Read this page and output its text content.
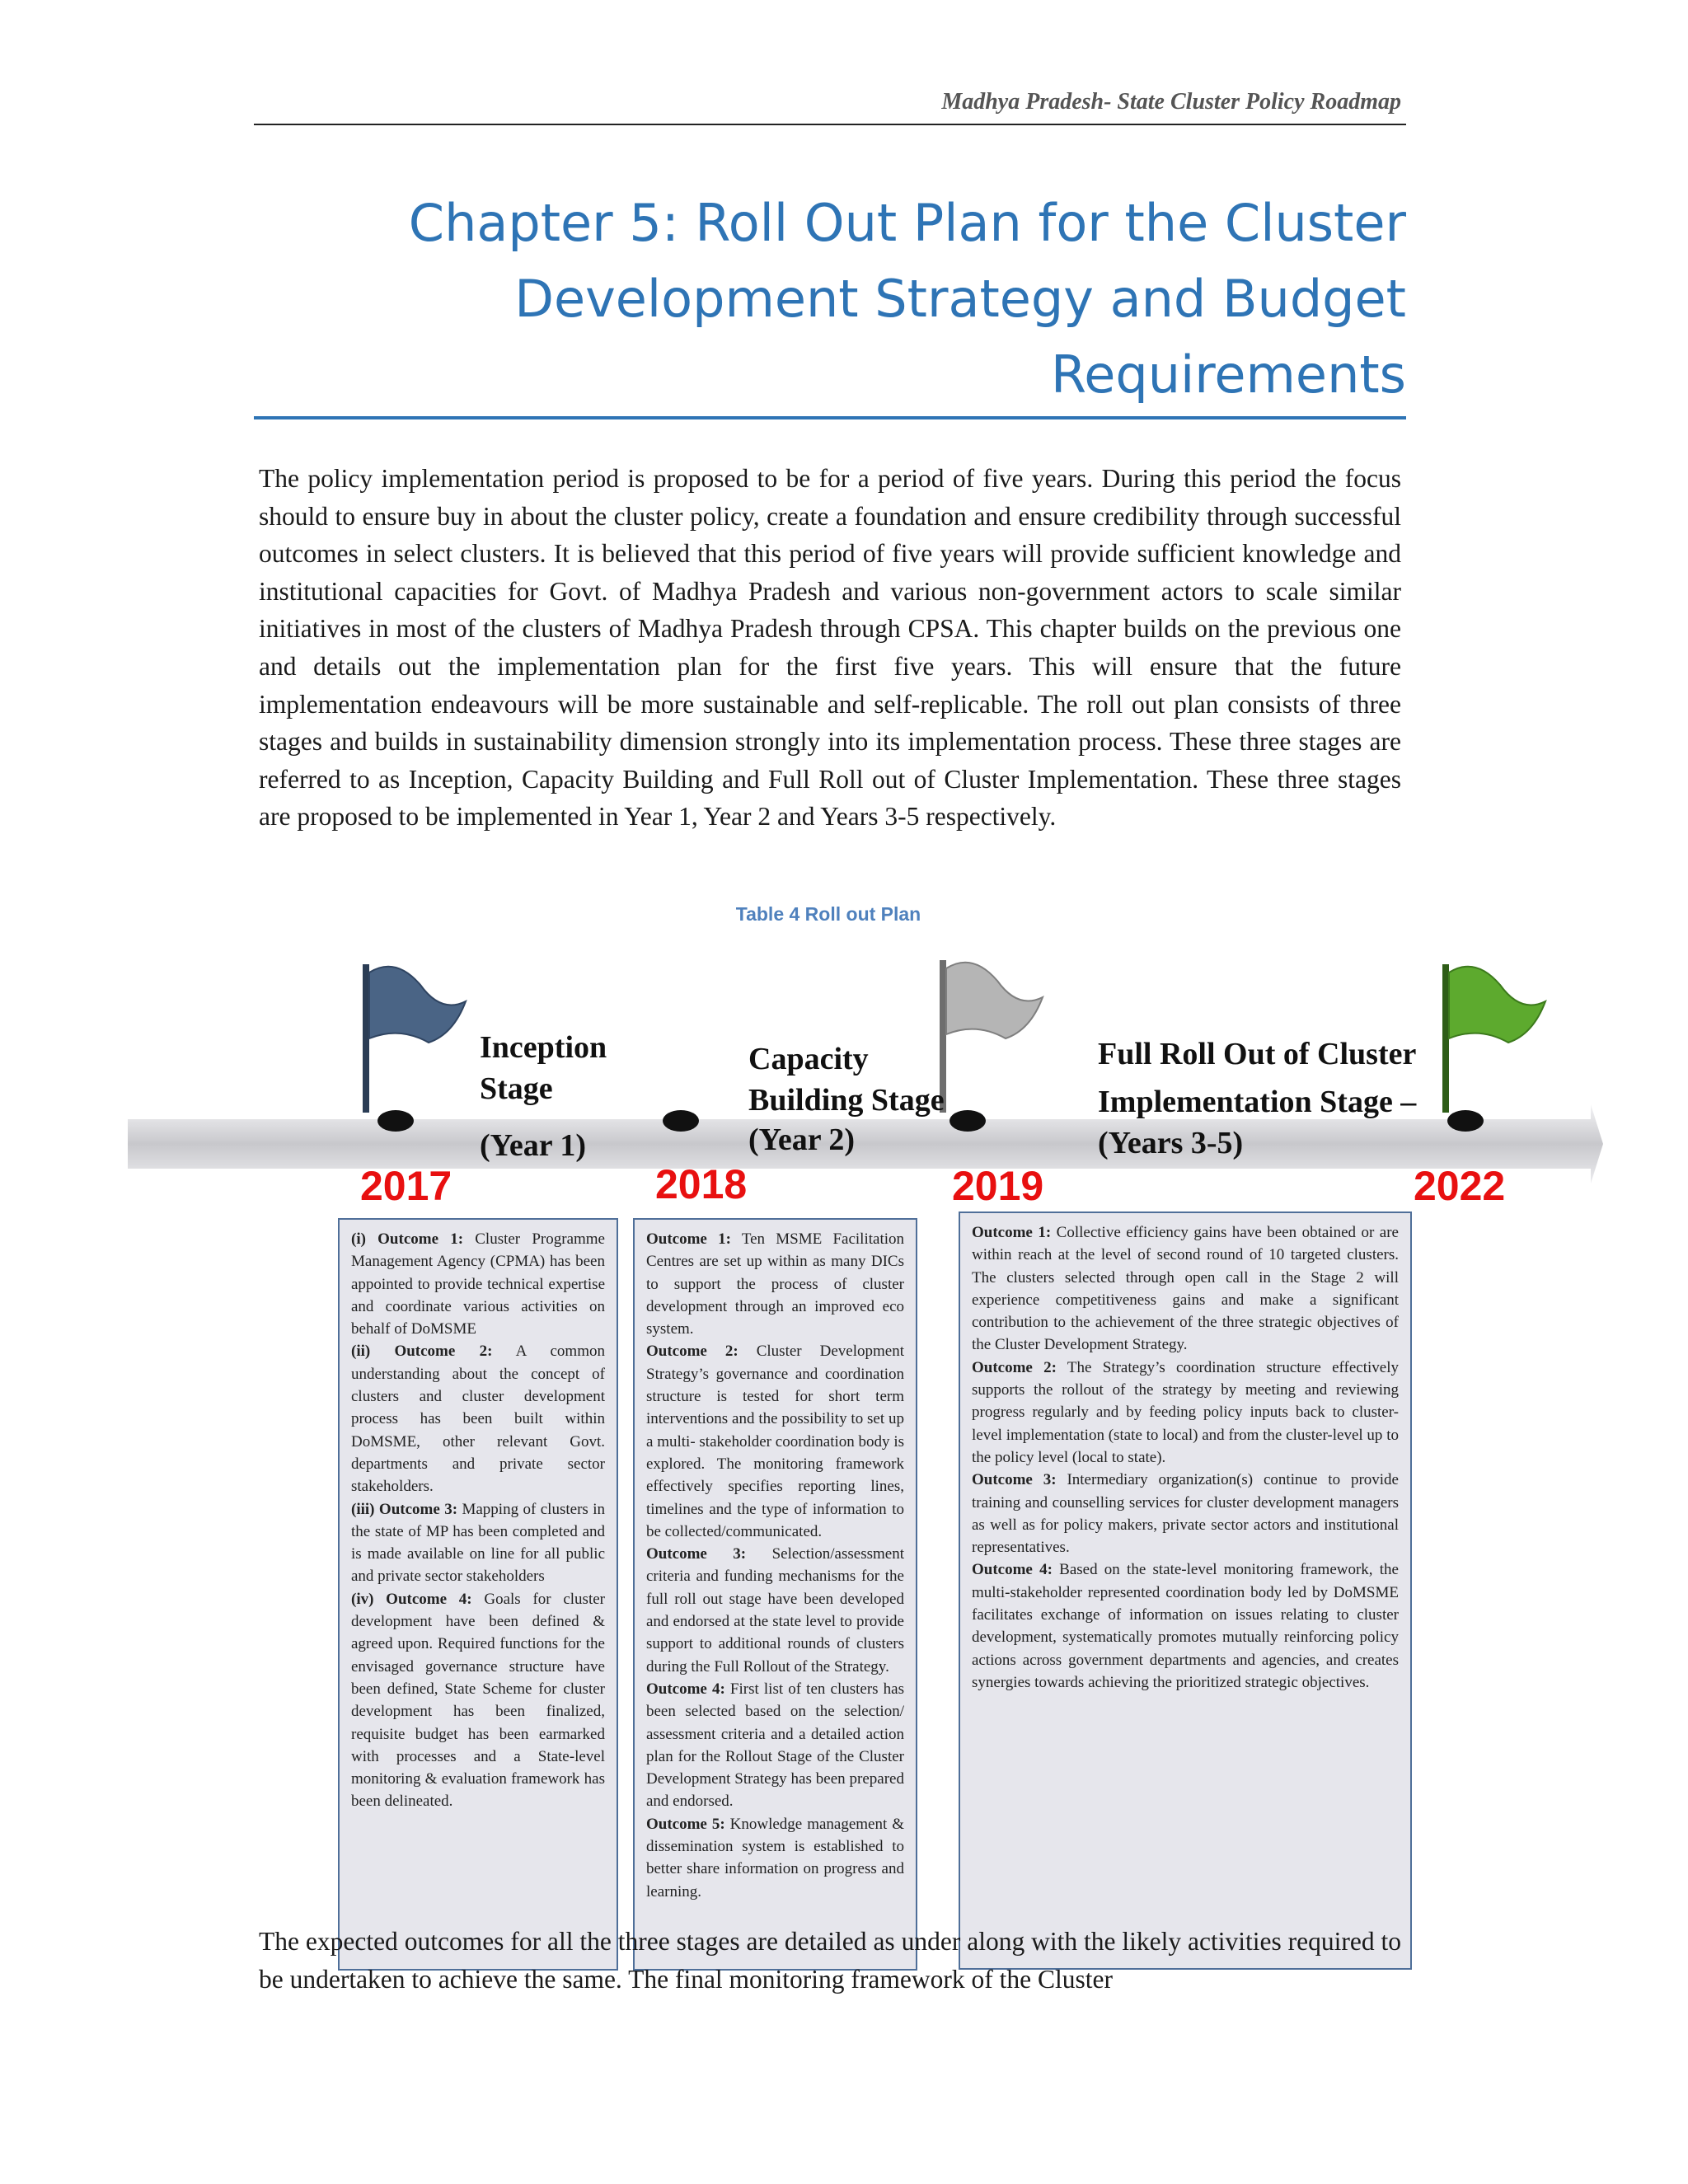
Madhya Pradesh- State Cluster Policy Roadmap
Chapter 5: Roll Out Plan for the Cluster
Development Strategy and Budget
Requirements

The policy implementation period is proposed to be for a period of five years. During this period the focus should to ensure buy in about the cluster policy, create a foundation and ensure credibility through successful outcomes in select clusters. It is believed that this period of five years will provide sufficient knowledge and institutional capacities for Govt. of Madhya Pradesh and various non-government actors to scale similar initiatives in most of the clusters of Madhya Pradesh through CPSA. This chapter builds on the previous one and details out the implementation plan for the first five years. This will ensure that the future implementation endeavours will be more sustainable and self-replicable. The roll out plan consists of three stages and builds in sustainability dimension strongly into its implementation process. These three stages are referred to as Inception, Capacity Building and Full Roll out of Cluster Implementation. These three stages are proposed to be implemented in Year 1, Year 2 and Years 3-5 respectively.

Table 4 Roll out Plan
Inception
Stage
(Year 1)
Capacity
Building Stage
(Year 2)
Full Roll Out of Cluster
Implementation Stage –
(Years 3-5)
2017	2018	2019	2022

(i) Outcome 1: Cluster Programme Management Agency (CPMA) has been appointed to provide technical expertise and coordinate various activities on behalf of DoMSME

(ii) Outcome 2: A common understanding about the concept of clusters and cluster development process has been built within DoMSME, other relevant Govt. departments and private sector stakeholders.

(iii) Outcome 3: Mapping of clusters in the state of MP has been completed and is made available on line for all public and private sector stakeholders

(iv) Outcome 4: Goals for cluster development have been defined & agreed upon. Required functions for the envisaged governance structure have been defined, State Scheme for cluster development has been finalized, requisite budget has been earmarked with processes and a State-level monitoring & evaluation framework has been delineated.

Outcome 1: Ten MSME Facilitation Centres are set up within as many DICs to support the process of cluster development through an improved eco system.

Outcome 2: Cluster Development Strategy’s governance and coordination structure is tested for short term interventions and the possibility to set up a multi- stakeholder coordination body is explored. The monitoring framework effectively specifies reporting lines, timelines and the type of information to be collected/communicated.

Outcome 3: Selection/assessment criteria and funding mechanisms for the full roll out stage have been developed and endorsed at the state level to provide support to additional rounds of clusters during the Full Rollout of the Strategy.

Outcome 4: First list of ten clusters has been selected based on the selection/ assessment criteria and a detailed action plan for the Rollout Stage of the Cluster Development Strategy has been prepared and endorsed.

Outcome 5: Knowledge management & dissemination system is established to better share information on progress and learning.

Outcome 1: Collective efficiency gains have been obtained or are within reach at the level of second round of 10 targeted clusters. The clusters selected through open call in the Stage 2 will experience competitiveness gains and make a significant contribution to the achievement of the three strategic objectives of the Cluster Development Strategy.

Outcome 2: The Strategy’s coordination structure effectively supports the rollout of the strategy by meeting and reviewing progress regularly and by feeding policy inputs back to cluster- level implementation (state to local) and from the cluster-level up to the policy level (local to state).

Outcome 3: Intermediary organization(s) continue to provide training and counselling services for cluster development managers as well as for policy makers, private sector actors and institutional representatives.

Outcome 4: Based on the state-level monitoring framework, the multi-stakeholder represented coordination body led by DoMSME facilitates exchange of information on issues relating to cluster development, systematically promotes mutually reinforcing policy actions across government departments and agencies, and creates synergies towards achieving the prioritized strategic objectives.

The expected outcomes for all the three stages are detailed as under along with the likely activities required to be undertaken to achieve the same. The final monitoring framework of the Cluster
